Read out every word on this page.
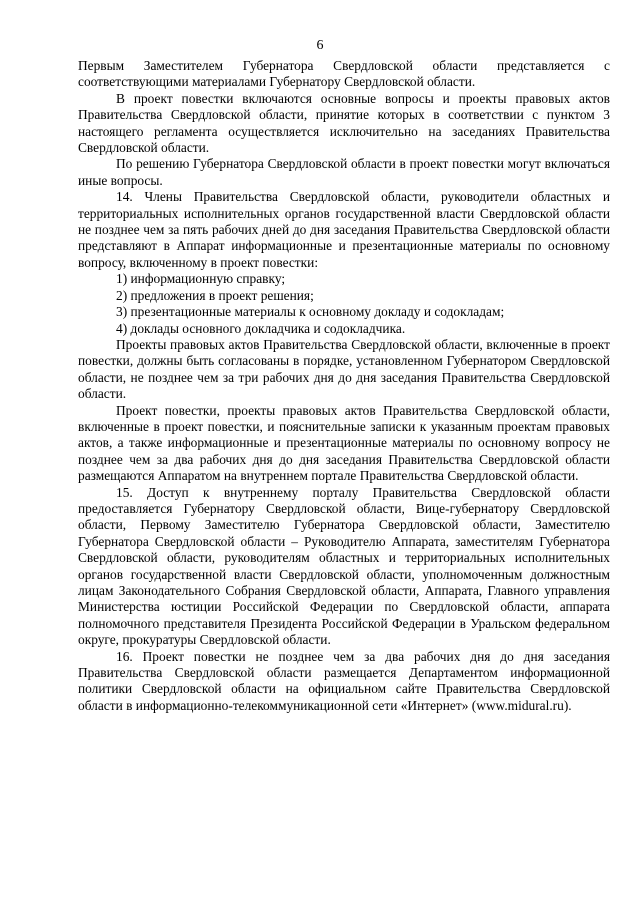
6

Первым Заместителем Губернатора Свердловской области представляется с соответствующими материалами Губернатору Свердловской области.

В проект повестки включаются основные вопросы и проекты правовых актов Правительства Свердловской области, принятие которых в соответствии с пунктом 3 настоящего регламента осуществляется исключительно на заседаниях Правительства Свердловской области.

По решению Губернатора Свердловской области в проект повестки могут включаться иные вопросы.

14. Члены Правительства Свердловской области, руководители областных и территориальных исполнительных органов государственной власти Свердловской области не позднее чем за пять рабочих дней до дня заседания Правительства Свердловской области представляют в Аппарат информационные и презентационные материалы по основному вопросу, включенному в проект повестки:

1) информационную справку;

2) предложения в проект решения;

3) презентационные материалы к основному докладу и содокладам;

4) доклады основного докладчика и содокладчика.

Проекты правовых актов Правительства Свердловской области, включенные в проект повестки, должны быть согласованы в порядке, установленном Губернатором Свердловской области, не позднее чем за три рабочих дня до дня заседания Правительства Свердловской области.

Проект повестки, проекты правовых актов Правительства Свердловской области, включенные в проект повестки, и пояснительные записки к указанным проектам правовых актов, а также информационные и презентационные материалы по основному вопросу не позднее чем за два рабочих дня до дня заседания Правительства Свердловской области размещаются Аппаратом на внутреннем портале Правительства Свердловской области.

15. Доступ к внутреннему порталу Правительства Свердловской области предоставляется Губернатору Свердловской области, Вице-губернатору Свердловской области, Первому Заместителю Губернатора Свердловской области, Заместителю Губернатора Свердловской области – Руководителю Аппарата, заместителям Губернатора Свердловской области, руководителям областных и территориальных исполнительных органов государственной власти Свердловской области, уполномоченным должностным лицам Законодательного Собрания Свердловской области, Аппарата, Главного управления Министерства юстиции Российской Федерации по Свердловской области, аппарата полномочного представителя Президента Российской Федерации в Уральском федеральном округе, прокуратуры Свердловской области.

16. Проект повестки не позднее чем за два рабочих дня до дня заседания Правительства Свердловской области размещается Департаментом информационной политики Свердловской области на официальном сайте Правительства Свердловской области в информационно-телекоммуникационной сети «Интернет» (www.midural.ru).
